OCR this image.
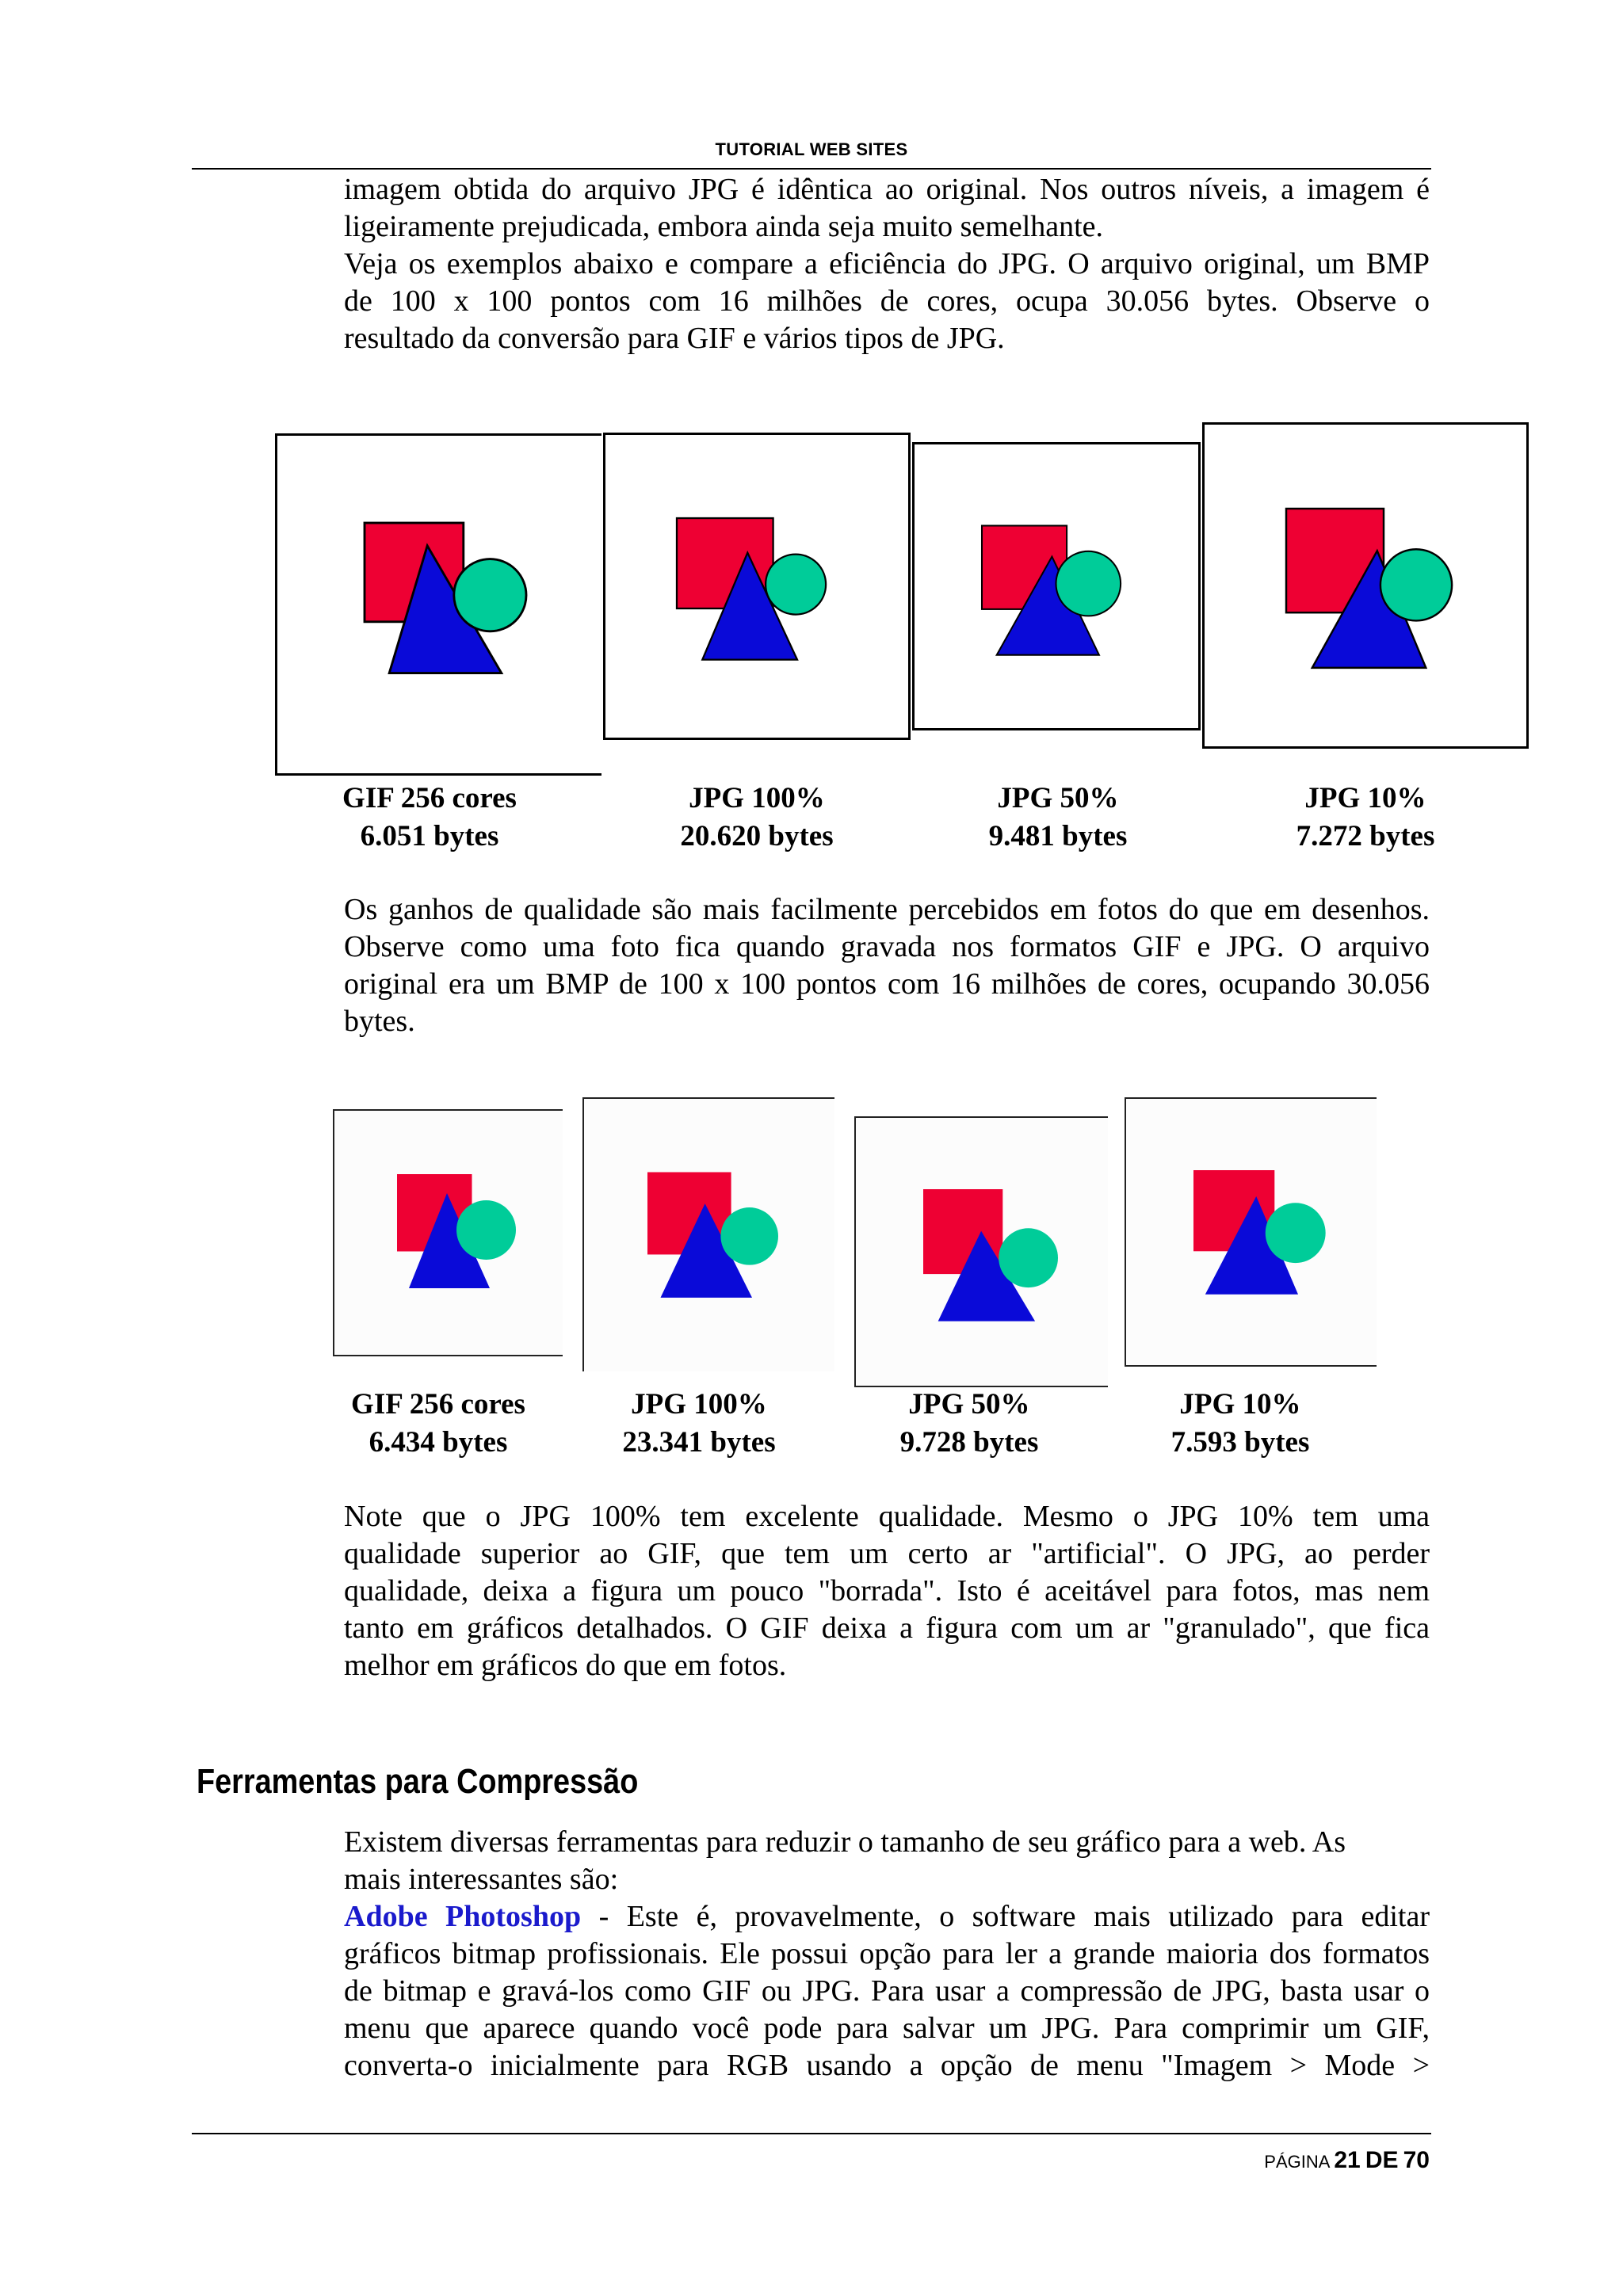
TUTORIAL WEB SITES

imagem obtida do arquivo JPG é idêntica ao original. Nos outros níveis, a imagem é
ligeiramente prejudicada, embora ainda seja muito semelhante.
Veja os exemplos abaixo e compare a eficiência do JPG. O arquivo original, um BMP
de 100 x 100 pontos com 16 milhões de cores, ocupa 30.056 bytes. Observe o
resultado da conversão para GIF e vários tipos de JPG.
GIF 256 cores
6.051 bytes
JPG 100%
20.620 bytes
JPG 50%
9.481 bytes
JPG 10%
7.272 bytes
Os ganhos de qualidade são mais facilmente percebidos em fotos do que em desenhos.
Observe como uma foto fica quando gravada nos formatos GIF e JPG. O arquivo
original era um BMP de 100 x 100 pontos com 16 milhões de cores, ocupando 30.056
bytes.
GIF 256 cores
6.434 bytes
JPG 100%
23.341 bytes
JPG 50%
9.728 bytes
JPG 10%
7.593 bytes
Note que o JPG 100% tem excelente qualidade. Mesmo o JPG 10% tem uma
qualidade superior ao GIF, que tem um certo ar "artificial". O JPG, ao perder
qualidade, deixa a figura um pouco "borrada". Isto é aceitável para fotos, mas nem
tanto em gráficos detalhados. O GIF deixa a figura com um ar "granulado", que fica
melhor em gráficos do que em fotos.
Ferramentas para Compressão
Existem diversas ferramentas para reduzir o tamanho de seu gráfico para a web. As
mais interessantes são:
Adobe Photoshop - Este é, provavelmente, o software mais utilizado para editar
gráficos bitmap profissionais. Ele possui opção para ler a grande maioria dos formatos
de bitmap e gravá-los como GIF ou JPG. Para usar a compressão de JPG, basta usar o
menu que aparece quando você pode para salvar um JPG. Para comprimir um GIF,
converta-o inicialmente para RGB usando a opção de menu "Imagem > Mode >

PÁGINA 21 DE 70
